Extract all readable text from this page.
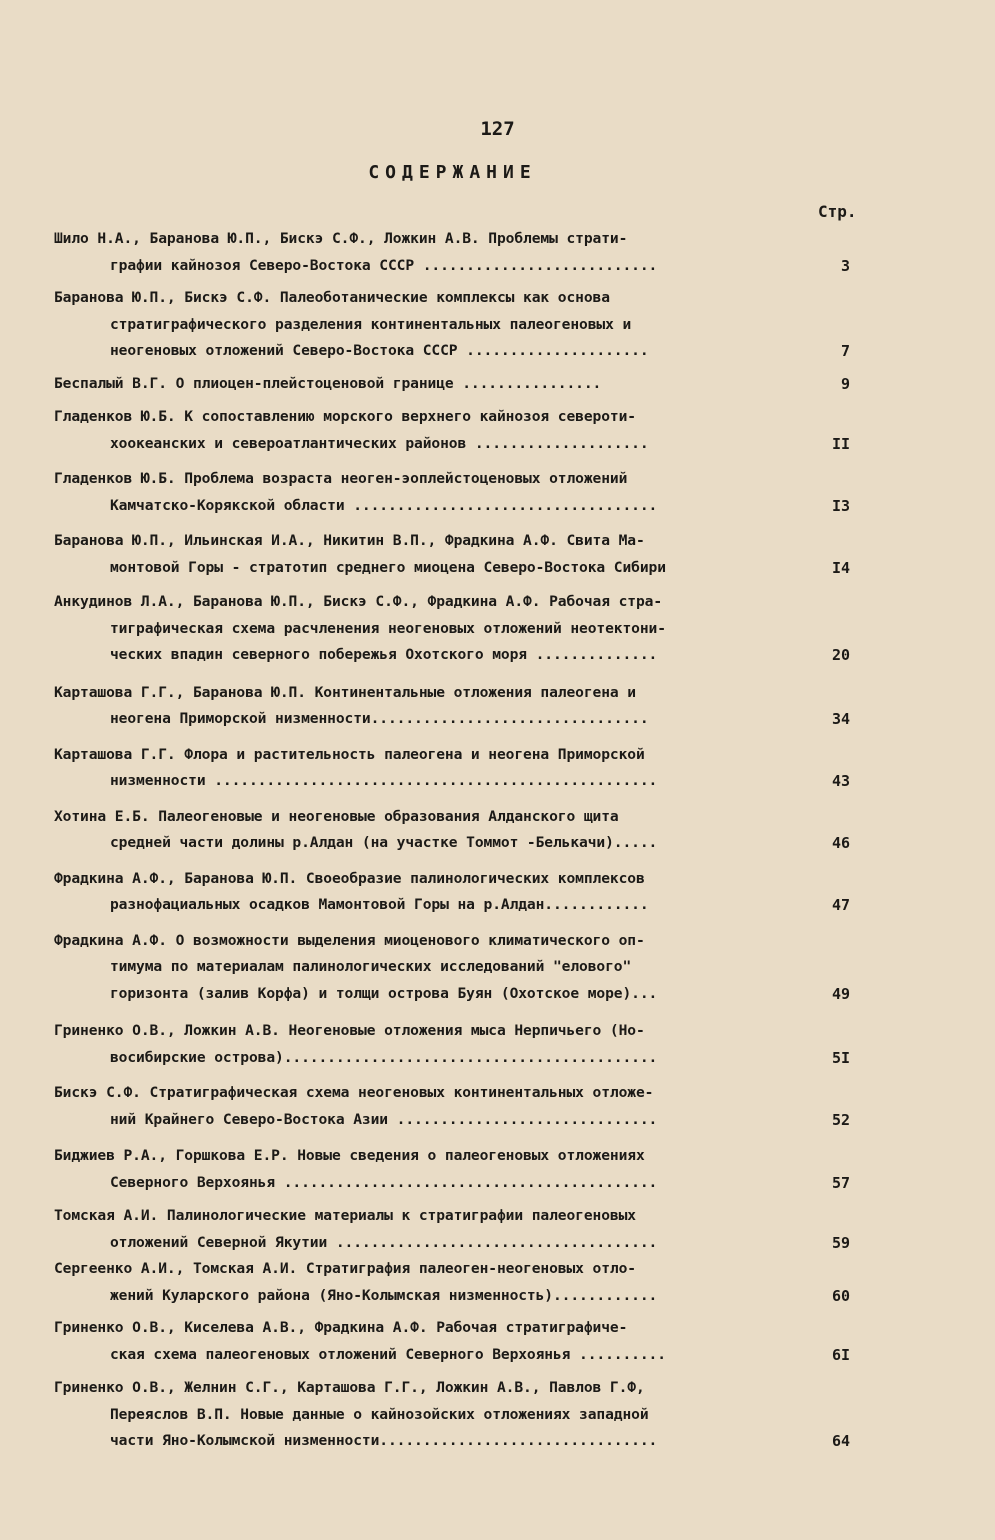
127
СОДЕРЖАНИЕ
Стр.
Шило Н.А., Баранова Ю.П., Бискэ С.Ф., Ложкин А.В. Проблемы страти-
графии кайнозоя Северо-Востока СССР ...........................	3
Баранова Ю.П., Бискэ С.Ф. Палеоботанические комплексы как основа
стратиграфического разделения континентальных палеогеновых и
неогеновых отложений Северо-Востока СССР .....................	7
Беспалый В.Г. О плиоцен-плейстоценовой границе ................	9
Гладенков Ю.Б. К сопоставлению морского верхнего кайнозоя североти-
хоокеанских и североатлантических районов ....................	II
Гладенков Ю.Б. Проблема возраста неоген-эоплейстоценовых отложений
Камчатско-Корякской области ...................................	I3
Баранова Ю.П., Ильинская И.А., Никитин В.П., Фрадкина А.Ф. Свита Ма-
монтовой Горы - стратотип среднего миоцена Северо-Востока Сибири	I4
Анкудинов Л.А., Баранова Ю.П., Бискэ С.Ф., Фрадкина А.Ф. Рабочая стра-
тиграфическая схема расчленения неогеновых отложений неотектони-
ческих впадин северного побережья Охотского моря ..............	20
Карташова Г.Г., Баранова Ю.П. Континентальные отложения палеогена и
неогена Приморской низменности................................	34
Карташова Г.Г. Флора и растительность палеогена и неогена Приморской
низменности ...................................................	43
Хотина Е.Б. Палеогеновые и неогеновые образования Алданского щита
средней части долины р.Алдан (на участке Томмот -Белькачи).....	46
Фрадкина А.Ф., Баранова Ю.П. Своеобразие палинологических комплексов
разнофациальных осадков Мамонтовой Горы на р.Алдан............	47
Фрадкина А.Ф. О возможности выделения миоценового климатического оп-
тимума по материалам палинологических исследований "елового"
горизонта (залив Корфа) и толщи острова Буян (Охотское море)...	49
Гриненко О.В., Ложкин А.В. Неогеновые отложения мыса Нерпичьего (Но-
восибирские острова)...........................................	5I
Бискэ С.Ф. Стратиграфическая схема неогеновых континентальных отложе-
ний Крайнего Северо-Востока Азии ..............................	52
Биджиев Р.А., Горшкова Е.Р. Новые сведения о палеогеновых отложениях
Северного Верхоянья ...........................................	57
Томская А.И. Палинологические материалы к стратиграфии палеогеновых
отложений Северной Якутии .....................................	59
Сергеенко А.И., Томская А.И. Стратиграфия палеоген-неогеновых отло-
жений Куларского района (Яно-Колымская низменность)............	60
Гриненко О.В., Киселева А.В., Фрадкина А.Ф. Рабочая стратиграфиче-
ская схема палеогеновых отложений Северного Верхоянья ..........	6I
Гриненко О.В., Желнин С.Г., Карташова Г.Г., Ложкин А.В., Павлов Г.Ф,
Переяслов В.П. Новые данные о кайнозойских отложениях западной
части Яно-Колымской низменности................................	64
